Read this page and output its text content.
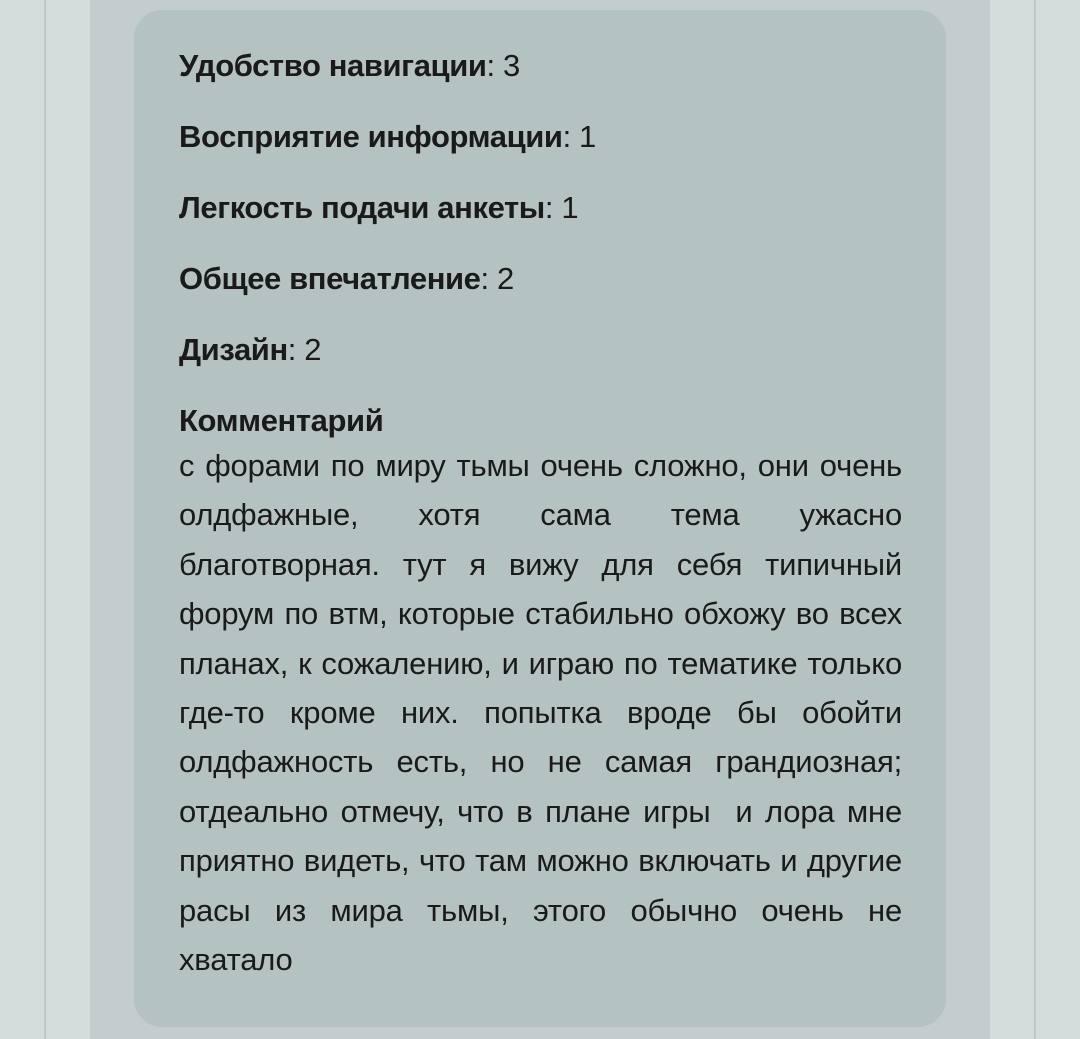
Удобство навигации: 3
Восприятие информации: 1
Легкость подачи анкеты: 1
Общее впечатление: 2
Дизайн: 2
Комментарий

с форами по миру тьмы очень сложно, они очень олдфажные, хотя сама тема ужасно благотворная. тут я вижу для себя типичный форум по втм, которые стабильно обхожу во всех планах, к сожалению, и играю по тематике только где-то кроме них. попытка вроде бы обойти олдфажность есть, но не самая грандиозная; отдеально отмечу, что в плане игры  и лора мне приятно видеть, что там можно включать и другие расы из мира тьмы, этого обычно очень не хватало
